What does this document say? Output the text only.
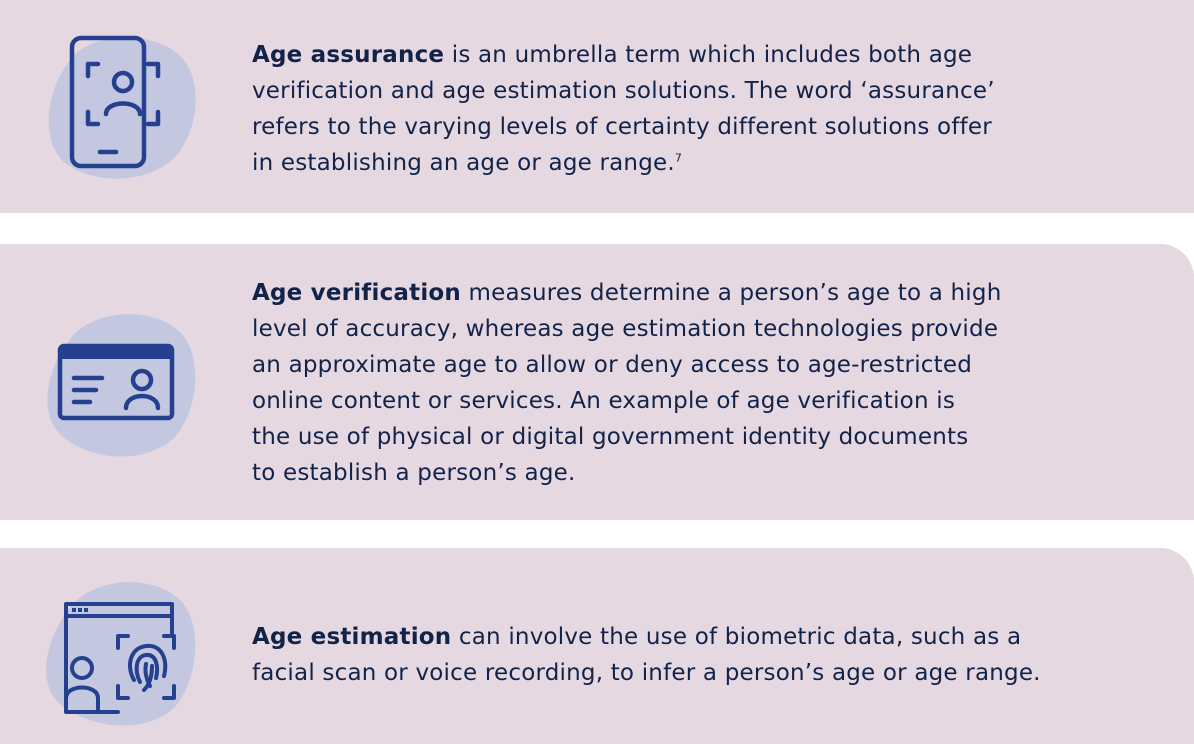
Age assurance is an umbrella term which includes both age
verification and age estimation solutions. The word ‘assurance’
refers to the varying levels of certainty different solutions offer
in establishing an age or age range.$^7$

Age verification measures determine a person’s age to a high
level of accuracy, whereas age estimation technologies provide
an approximate age to allow or deny access to age-restricted
online content or services. An example of age verification is
the use of physical or digital government identity documents
to establish a person’s age.

Age estimation can involve the use of biometric data, such as a
facial scan or voice recording, to infer a person’s age or age range.
